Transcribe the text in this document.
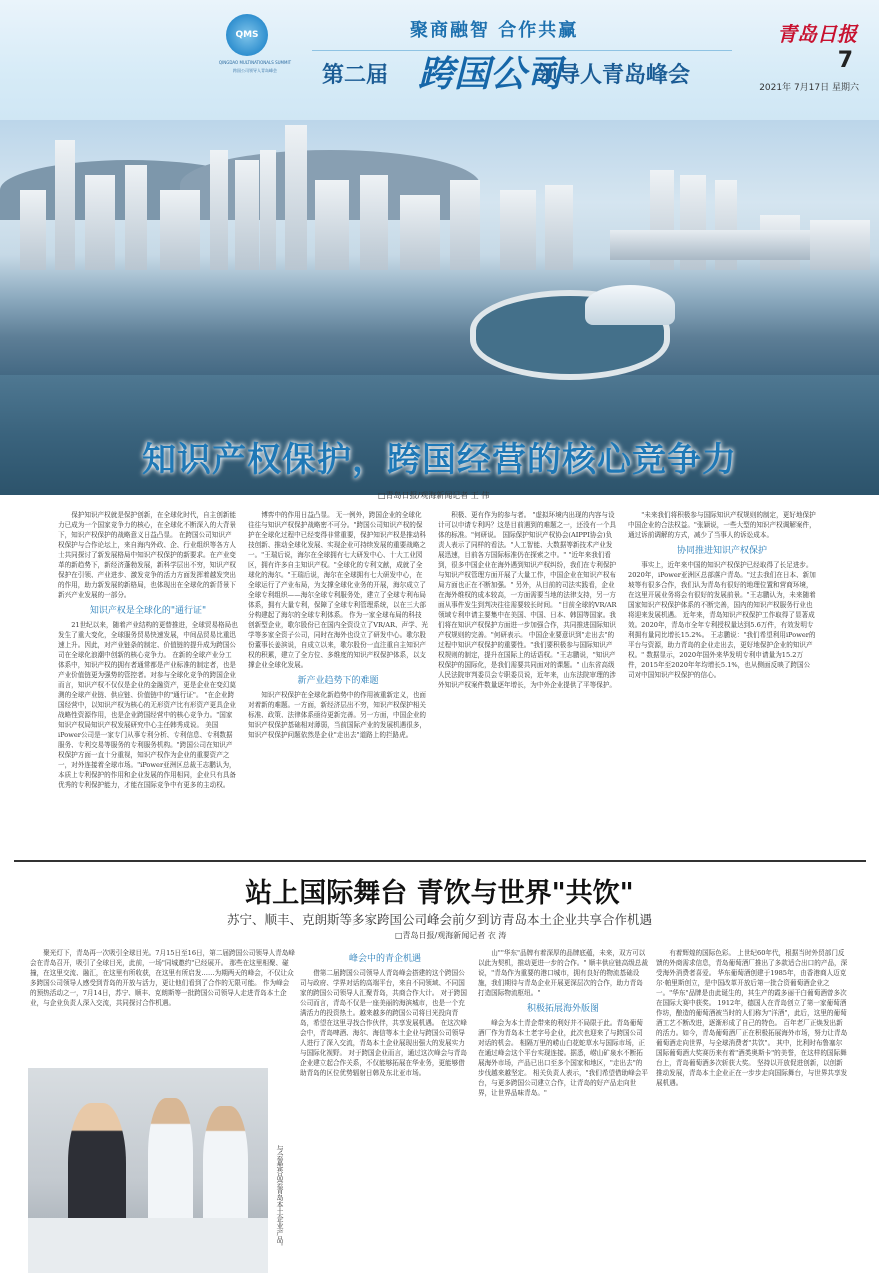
QMS
QINGDAO MULTINATIONALS SUMMIT
跨国公司领导人青岛峰会
聚商融智 合作共赢
第二届 跨国公司
领导人青岛峰会
青岛日报
7
2021年 7月17日 星期六
知识产权保护，跨国经营的核心竞争力
□青岛日报/观海新闻记者 王 伟

保护知识产权就是保护创新，在全球化时代，自主创新能力已成为一个国家竞争力的核心，在全球化不断深入的大背景下，知识产权保护的战略意义日益凸显。 在跨国公司知识产权保护与合作论坛上，来自海内外政、企、行业组织等各方人士共同探讨了新发展格局中知识产权保护的新要求。在产业变革的新趋势下，新经济蓬勃发展，新科学层出不穷，知识产权保护在引领、产业进步、激发竞争的活力方面发挥着越发突出的作用，助力新发展的新格局，也体现出在全球化的新背景下新兴产业发展的一部分。

知识产权是全球化的"通行证"

21世纪以来，随着产业结构的更替推进，全球贸易格局也发生了重大变化，全球服务贸易快速发展，中间品贸易比重迅速上升。因此，对产业链条的制定、价值链的提升成为跨国公司在全球化浪潮中创新的核心竞争力。 在新的全球产业分工体系中，知识产权的拥有者通常都是产业标准的制定者，也是产业价值链更为强势的管控者。对参与全球化竞争的跨国企业而言，知识产权不仅仅是企业的金融资产，更是企业在变幻莫测的全球产业链、供应链、价值链中的"通行证"。 "在企业跨国经营中，以知识产权为核心的无形资产比有形资产更具企业战略性资源作用，也是企业跨国经营中的核心竞争力。"国家知识产权局知识产权发展研究中心主任韩秀成说。 美国iPower公司是一家专门从事专利分析、专利信息、专利数据服务、专利交易等服务的专利服务机构。"跨国公司在知识产权保护方面一直十分重视，知识产权作为企业的重要资产之一，对外连接着全球市场。"iPower亚洲区总裁王志鹏认为，本质上专利保护的作用和企业发展的作用相同，企业只有具备优秀的专利保护能力，才能在国际竞争中有更多的主动权。

博弈中的作用日益凸显。 无一例外，跨国企业的全球化往往与知识产权保护战略密不可分。"跨国公司知识产权的保护在全球化过程中已经变得非常重要，保护知识产权是推动科技创新、推动全球化发展、实现企业可持续发展的重要战略之一。"王瑞后说，海尔在全球拥有七大研发中心、十大工业园区，拥有许多自主知识产权。"全球化的专利文献，成就了全球化的海尔。"王瑞后说，海尔在全球拥有七大研发中心，在全球运行了产业布局，为支撑全球化业务的开展，海尔成立了全球专利组织——海尔全球专利服务处，建立了全球专利布局体系，拥有大量专利，保障了全球专利管理系统，以在三大部分构建起了海尔的全球专利体系。 作为一家全球布局的科技创新型企业，歌尔股份已在国内全资设立了VR/AR、声学、光学等多家全资子公司，同时在海外也设立了研发中心。歌尔股份董事长姜滨说，自成立以来，歌尔股份一直注重自主知识产权的积累，建立了全方位、多维度的知识产权保护体系，以支撑企业全球化发展。

新产业趋势下的难题

知识产权保护在全球化新趋势中的作用被重新定义，也面对着新的难题。一方面，新经济层出不穷，知识产权保护相关标准、政策、法律体系亟待更新完善。另一方面，中国企业的知识产权保护基础相对薄弱，当前国际产业的发展机遇很多，知识产权保护问题依然是企业"走出去"道路上的拦路虎。

积极、更有作为的参与者。 "虚拟环境内出现的内容与设计可以申请专利吗？这是目前遇到的难题之一，还没有一个具体的标准。"何研说。 国际保护知识产权协会(AIPPI协会)负责人表示了同样的看法。"人工智能、大数据等新技术产业发展迅速，目前各方国际标准仍在探索之中。" "近年来我们看到，很多中国企业在海外遇到知识产权纠纷，我们在专利保护与知识产权管理方面开展了大量工作，中国企业在知识产权布局方面也正在不断加强。" 另外，从目前的司法实践看，企业在海外维权的成本较高，一方面需要当地的法律支持，另一方面从事件发生到判决往往需要较长时间。 "目前全球的VR/AR领域专利申请主要集中在美国、中国、日本、韩国等国家。我们将在知识产权保护方面进一步加强合作，共同推进国际知识产权规则的完善。"何研表示。 中国企业要意识到"走出去"的过程中知识产权保护的重要性。"我们要积极参与国际知识产权规则的制定，提升在国际上的话语权。"王志鹏说，"知识产权保护的国际化，是我们需要共同面对的课题。" 山东省高级人民法院审判委员会专职委员说，近年来，山东法院审理的涉外知识产权案件数量逐年增长，为中外企业提供了平等保护。

"未来我们将积极参与国际知识产权规则的制定，更好地保护中国企业的合法权益。"张颖说，一些大型的知识产权调解案件，通过诉前调解的方式，减少了当事人的诉讼成本。

协同推进知识产权保护

事实上，近年来中国的知识产权保护已经取得了长足进步。 2020年，iPower亚洲区总部落户青岛。"过去我们在日本、新加坡等有很多合作，我们认为青岛有很好的地理位置和营商环境，在这里开展业务将会有很好的发展前景。"王志鹏认为，未来随着国家知识产权保护体系的不断完善，国内的知识产权服务行业也将迎来发展机遇。 近年来，青岛知识产权保护工作取得了显著成效。2020年，青岛市全年专利授权量达到5.6万件，有效发明专利拥有量同比增长15.2%。 王志鹏说："我们希望利用iPower的平台与资源，助力青岛的企业走出去，更好地保护企业的知识产权。" 数据显示，2020年国外来华发明专利申请量为15.2万件，2015年至2020年年均增长5.1%，也从侧面反映了跨国公司对中国知识产权保护的信心。

站上国际舞台 青饮与世界"共饮"
苏宁、顺丰、克朗斯等多家跨国公司峰会前夕到访青岛本土企业共享合作机遇
□青岛日报/观海新闻记者 衣 涛

聚光灯下，青岛再一次吸引全球目光。7月15日至16日，第二届跨国公司领导人青岛峰会在青岛召开，吸引了全球目光，此前，一场"同城邀约"已经展开。 那些在这里相聚、碰撞，在这里交流、融汇，在这里有所收获，在这里有所启发……为期两天的峰会，不仅让众多跨国公司领导人感受到青岛的开放与活力，更让他们看到了合作的无限可能。 作为峰会的预热活动之一，7月14日，苏宁、顺丰、克朗斯等一批跨国公司领导人走进青岛本土企业，与企业负责人深入交流，共同探讨合作机遇。

与会嘉宾品尝青岛本土企业产品。

峰会中的青企机遇

借第二届跨国公司领导人青岛峰会搭建的这个跨国公司与政府、学界对话的高端平台，来自不同领域、不同国家的跨国公司领导人汇聚青岛，共商合作大计。 对于跨国公司而言，青岛不仅是一座美丽的海滨城市，也是一个充满活力的投资热土。越来越多的跨国公司将目光投向青岛，希望在这里寻找合作伙伴，共享发展机遇。 在这次峰会中，青岛啤酒、海尔、海信等本土企业与跨国公司领导人进行了深入交流，青岛本土企业展现出强大的发展实力与国际化视野。 对于跨国企业而言，通过这次峰会与青岛企业建立起合作关系，不仅能够拓展在华业务，更能够借助青岛的区位优势辐射日韩及东北亚市场。

山""华东"品牌有着深厚的品牌底蕴，未来，双方可以以此为契机，推动更进一步的合作。" 顺丰供应链高级总裁说，"青岛作为重要的港口城市，拥有良好的物流基础设施，我们期待与青岛企业开展更深层次的合作，助力青岛打造国际物流枢纽。"

积极拓展海外版图

峰会为本土青企带来的利好并不局限于此。青岛葡萄酒厂作为青岛本土老字号企业，此次也迎来了与跨国公司对话的机会。 相隔万里的崂山白花蛇草水与国际市场，正在通过峰会这个平台实现连接。据悉，崂山矿泉水不断拓展海外市场，产品已出口至多个国家和地区，"走出去"的步伐越来越坚定。 相关负责人表示，"我们希望借助峰会平台，与更多跨国公司建立合作，让青岛的好产品走向世界，让世界品味青岛。"

有着辉煌的国际色彩。 上世纪60年代，根据当时外贸部门反馈的外商需求信息，青岛葡萄酒厂推出了多款适合出口的产品，深受海外消费者喜爱。 华东葡萄酒创建于1985年，由香港商人迈克尔·帕里斯创立，是中国改革开放后第一批合资葡萄酒企业之一。"华东"品牌是由此诞生的，其生产的霞多丽干白葡萄酒曾多次在国际大赛中获奖。 1912年，德国人在青岛创立了第一家葡萄酒作坊，酿造的葡萄酒被当时的人们称为"洋酒"，此后，这里的葡萄酒工艺不断改进，逐渐形成了自己的特色。 百年老厂正焕发出新的活力。如今，青岛葡萄酒厂正在积极拓展海外市场，努力让青岛葡萄酒走向世界，与全球消费者"共饮"。 其中，比利时布鲁塞尔国际葡萄酒大奖赛历来有着"酒类奥斯卡"的美誉，在这样的国际舞台上，青岛葡萄酒多次斩获大奖。 坚持以开放促进创新，以创新推动发展，青岛本土企业正在一步步走向国际舞台，与世界共享发展机遇。
